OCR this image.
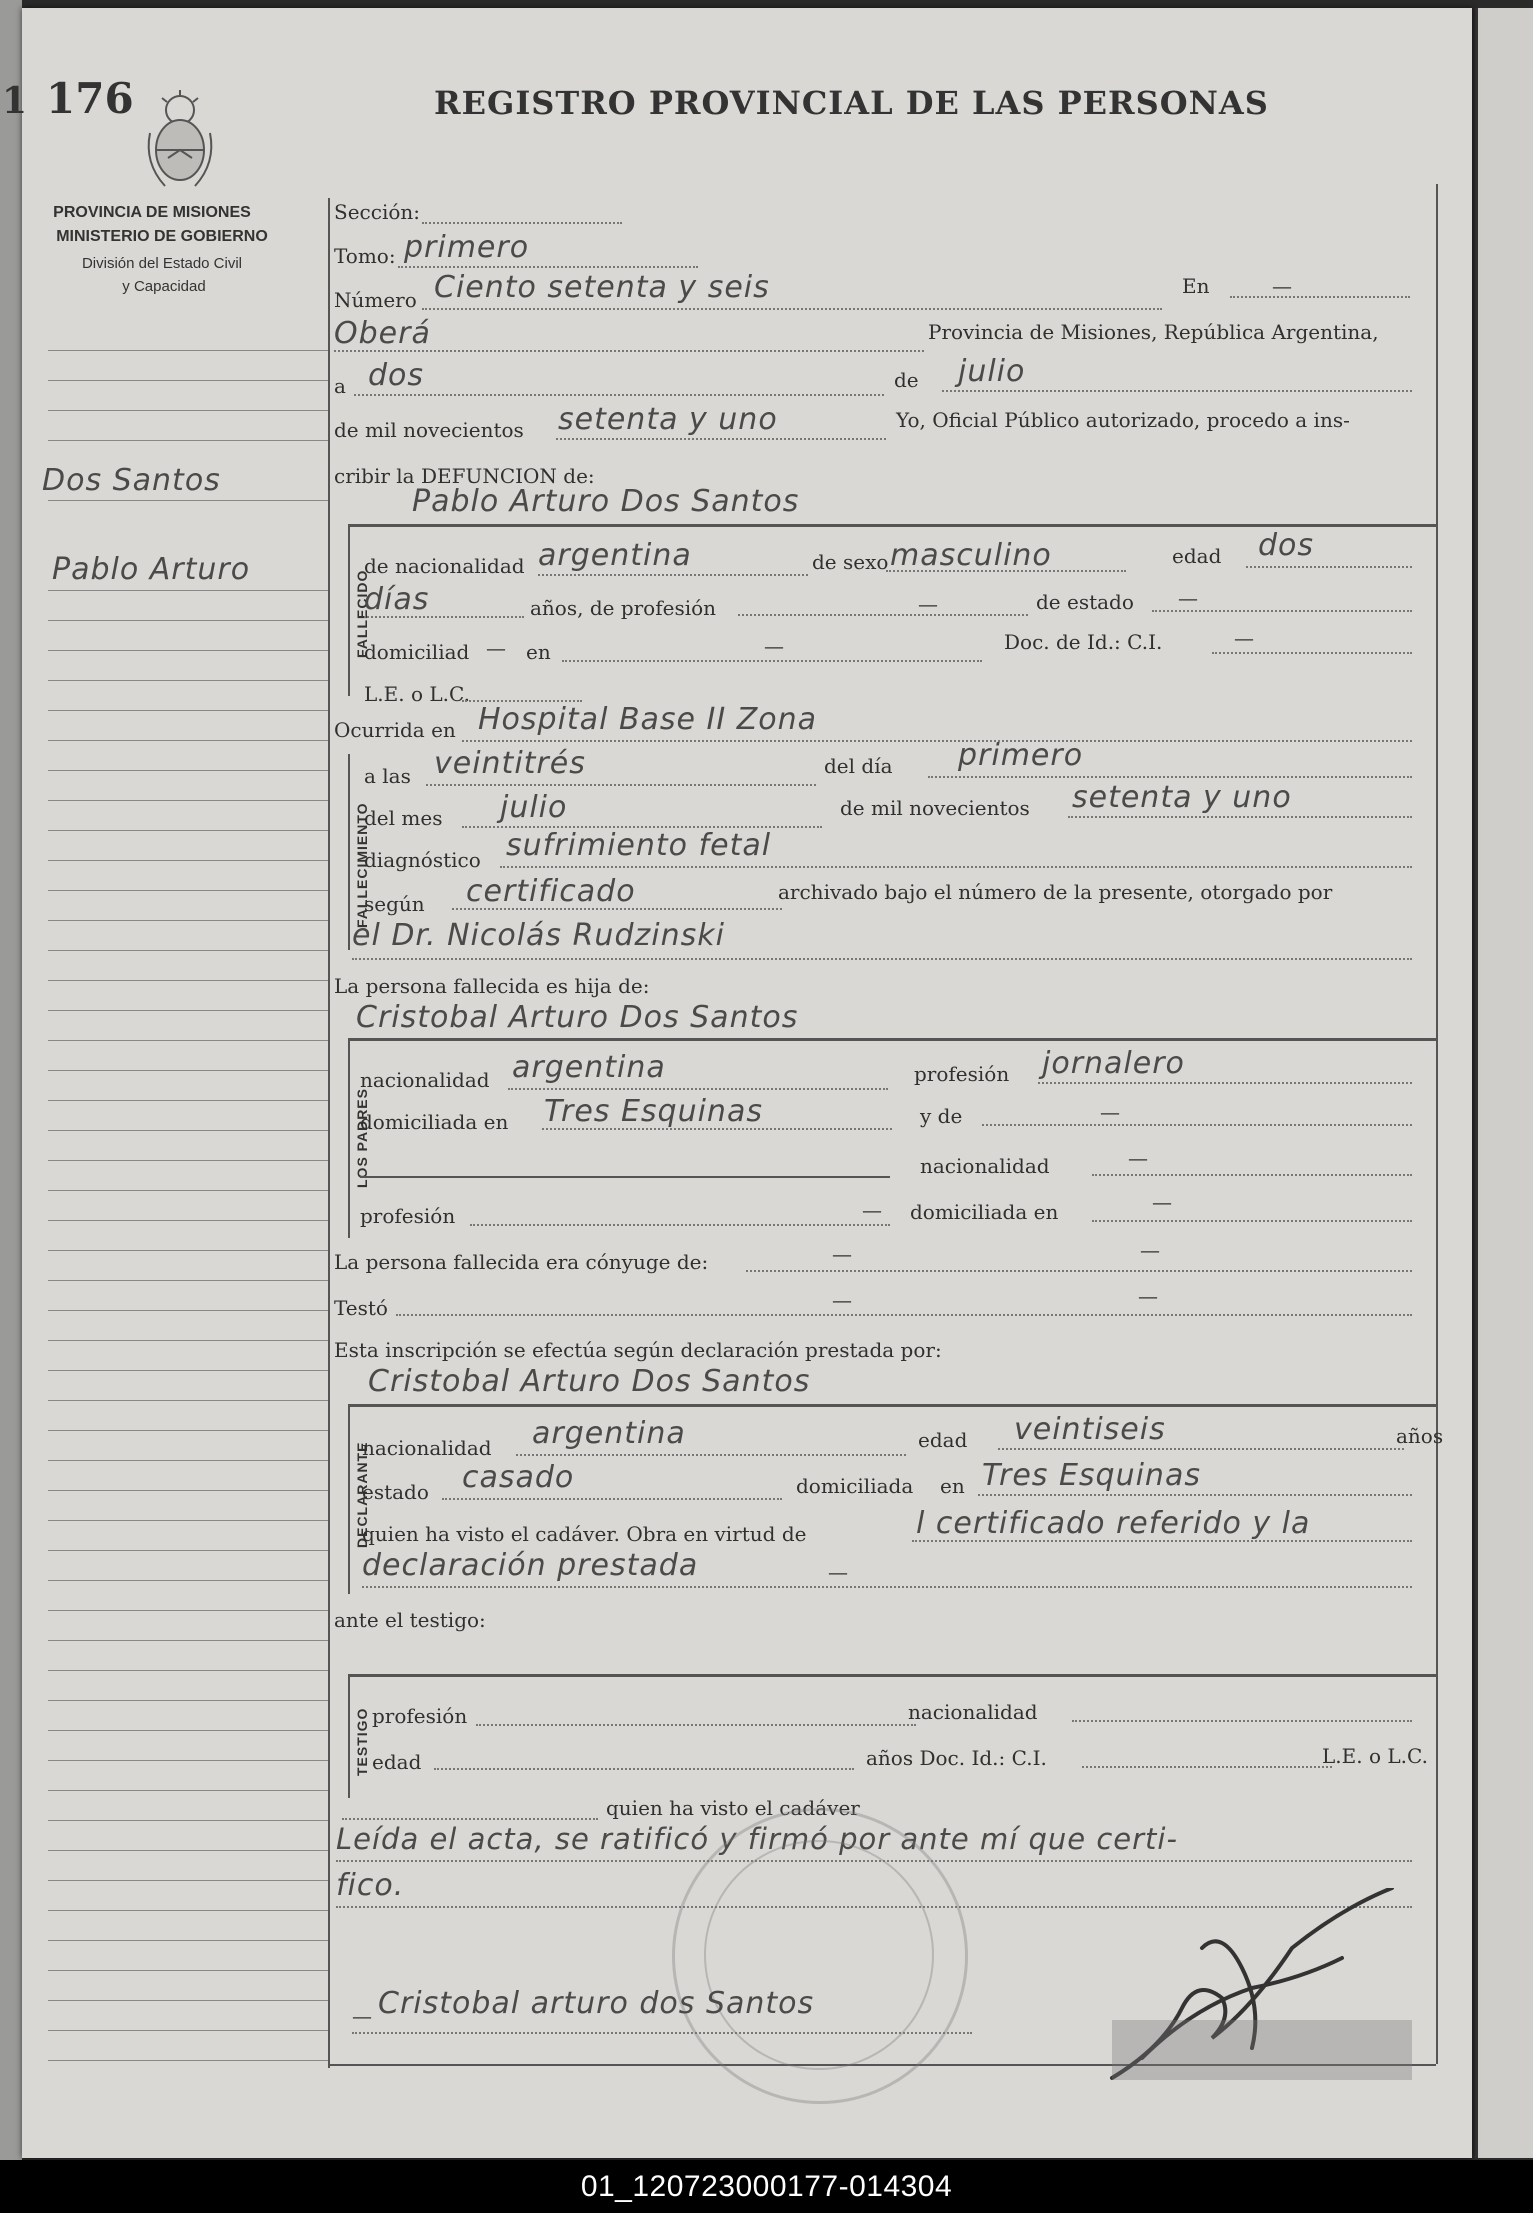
1 176	REGISTRO PROVINCIAL DE LAS PERSONAS
PROVINCIA DE MISIONES
MINISTERIO DE GOBIERNO
División del Estado Civil
y Capacidad
Dos Santos
Pablo Arturo
Sección:
Tomo: primero
Número Ciento setenta y seis	En	—
Oberá	Provincia de Misiones, República Argentina,
a dos	de julio
de mil novecientos setenta y uno	Yo, Oficial Público autorizado, procedo a ins-
cribir la DEFUNCION de:
Pablo Arturo Dos Santos
FALLECIDO
de nacionalidad argentina	de sexo masculino	edad dos
días	años, de profesión	—	de estado —
domiciliad — en	—	Doc. de Id.: C.I.	—
L.E. o L.C.
Ocurrida en Hospital Base II Zona
FALLECIMIENTO
a las veintitrés	del día primero
del mes julio	de mil novecientos setenta y uno
diagnóstico sufrimiento fetal
según certificado	archivado bajo el número de la presente, otorgado por
el Dr. Nicolás Rudzinski
La persona fallecida es hija de:
Cristobal Arturo Dos Santos
LOS PADRES
nacionalidad argentina	profesión jornalero
domiciliada en Tres Esquinas	y de	—
nacionalidad	—
profesión	— domiciliada en	—
La persona fallecida era cónyuge de:	—	—
Testó	—	—
Esta inscripción se efectúa según declaración prestada por:
Cristobal Arturo Dos Santos
DECLARANTE
nacionalidad argentina	edad veintiseis	años
estado casado	domiciliada en Tres Esquinas
quien ha visto el cadáver. Obra en virtud de	l certificado referido y la
declaración prestada	—
ante el testigo:
TESTIGO profesión	nacionalidad
edad	años Doc. Id.: C.I.	L.E. o L.C.
quien ha visto el cadáver
Leída el acta, se ratificó y firmó por ante mí que certi-
fico.
— Cristobal arturo dos Santos
01_120723000177-014304
